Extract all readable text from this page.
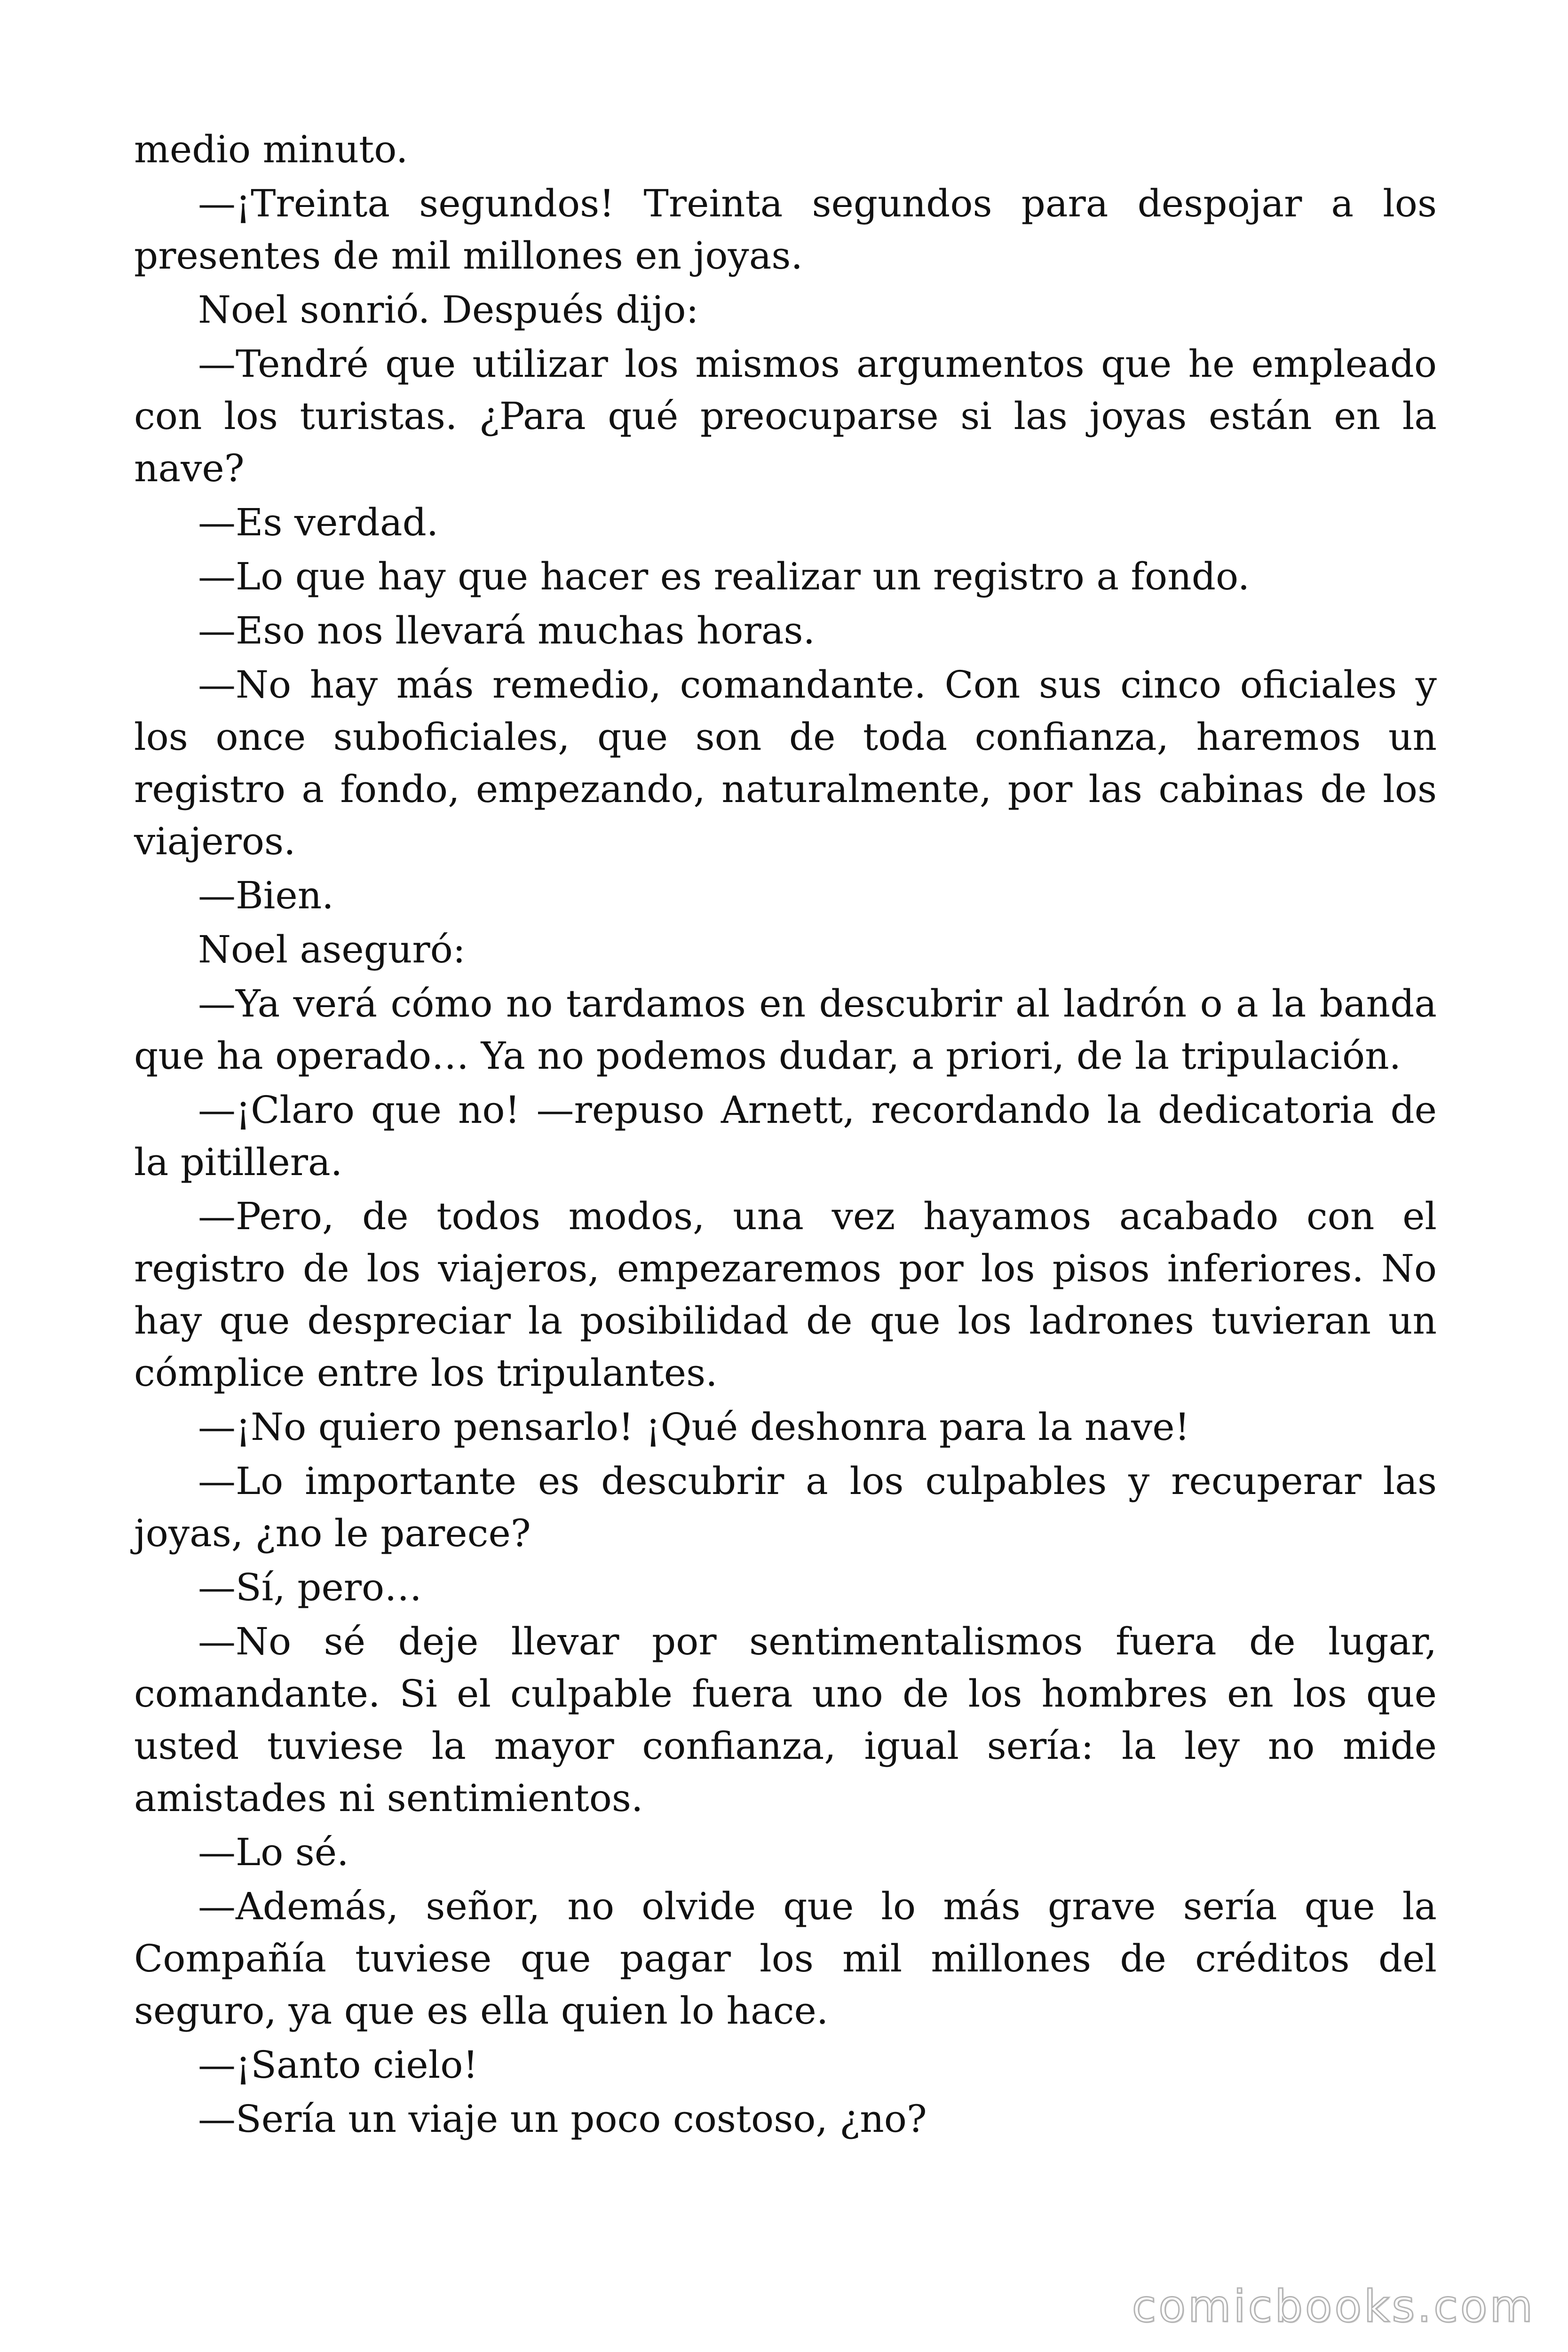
medio minuto.

—¡Treinta segundos! Treinta segundos para despojar a los presentes de mil millones en joyas.

Noel sonrió. Después dijo:

—Tendré que utilizar los mismos argumentos que he empleado con los turistas. ¿Para qué preocuparse si las joyas están en la nave?

—Es verdad.

—Lo que hay que hacer es realizar un registro a fondo.

—Eso nos llevará muchas horas.

—No hay más remedio, comandante. Con sus cinco oficiales y los once suboficiales, que son de toda confianza, haremos un registro a fondo, empezando, naturalmente, por las cabinas de los viajeros.

—Bien.

Noel aseguró:

—Ya verá cómo no tardamos en descubrir al ladrón o a la banda que ha operado… Ya no podemos dudar, a priori, de la tripulación.

—¡Claro que no! —repuso Arnett, recordando la dedicatoria de la pitillera.

—Pero, de todos modos, una vez hayamos acabado con el registro de los viajeros, empezaremos por los pisos inferiores. No hay que despreciar la posibilidad de que los ladrones tuvieran un cómplice entre los tripulantes.

—¡No quiero pensarlo! ¡Qué deshonra para la nave!

—Lo importante es descubrir a los culpables y recuperar las joyas, ¿no le parece?

—Sí, pero…

—No sé deje llevar por sentimentalismos fuera de lugar, comandante. Si el culpable fuera uno de los hombres en los que usted tuviese la mayor confianza, igual sería: la ley no mide amistades ni sentimientos.

—Lo sé.

—Además, señor, no olvide que lo más grave sería que la Compañía tuviese que pagar los mil millones de créditos del seguro, ya que es ella quien lo hace.

—¡Santo cielo!

—Sería un viaje un poco costoso, ¿no?

comicbooks.com
